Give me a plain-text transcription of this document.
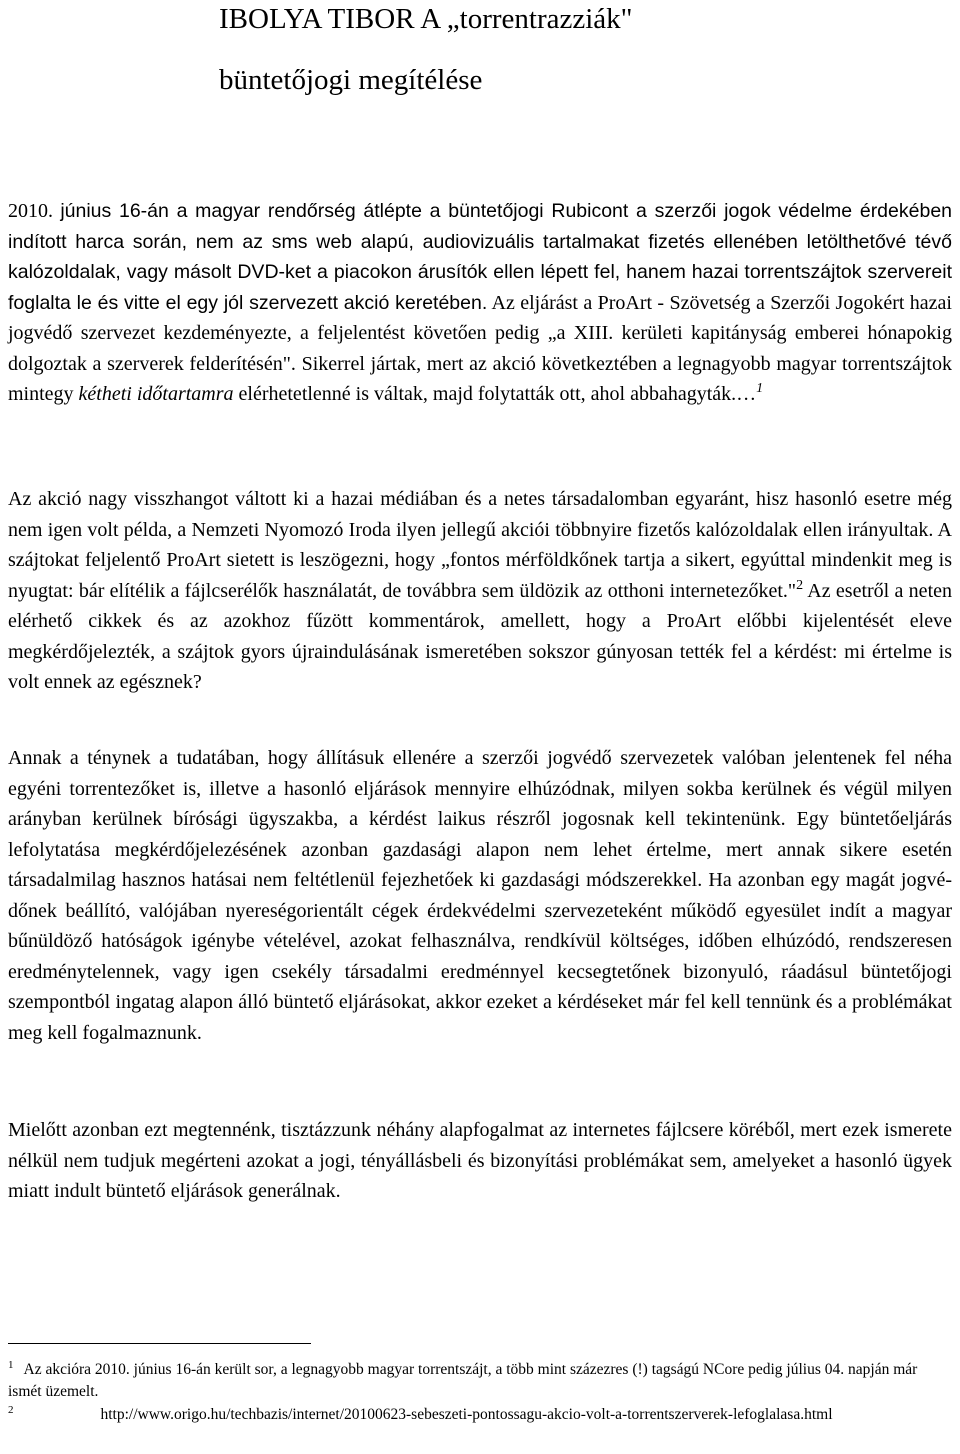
IBOLYA TIBOR A „torrentrazziák"
büntetőjogi megítélése

2010. június 16-án a magyar rendőrség átlépte a büntetőjogi Rubicont a szerzői jogok védelme érdekében indított harca során, nem az sms web alapú, audiovizuális tartalmakat fizetés ellenében letölthetővé tévő kalózoldalak, vagy másolt DVD-ket a piacokon árusítók ellen lépett fel, hanem hazai torrentszájtok szervereit foglalta le és vitte el egy jól szervezett akció keretében. Az eljárást a ProArt - Szövetség a Szerzői Jogokért hazai jogvédő szervezet kezdeményezte, a feljelentést követően pedig „a XIII. kerületi kapitányság emberei hónapokig dolgoztak a szerverek felderítésén". Sikerrel jártak, mert az akció következtében a legnagyobb magyar torrentszájtok mintegy kétheti időtartamra elérhetetlenné is váltak, majd folytatták ott, ahol abbahagyták.…$^1$

Az akció nagy visszhangot váltott ki a hazai médiában és a netes társadalomban egyaránt, hisz hasonló esetre még nem igen volt példa, a Nemzeti Nyomozó Iroda ilyen jellegű akciói többnyire fizetős kalózoldalak ellen irányultak. A szájtokat feljelentő ProArt sietett is leszögezni, hogy „fontos mérföldkőnek tartja a sikert, egyúttal mindenkit meg is nyugtat: bár elítélik a fájlcserélők használatát, de továbbra sem üldözik az otthoni internetezőket."$^2$ Az esetről a neten elérhető cikkek és az azokhoz fűzött kommentárok, amellett, hogy a ProArt előbbi kijelentését eleve megkérdőjelezték, a szájtok gyors újraindulásának ismeretében sokszor gúnyosan tették fel a kérdést: mi értelme is volt ennek az egésznek?

Annak a ténynek a tudatában, hogy állításuk ellenére a szerzői jogvédő szervezetek valóban jelentenek fel néha egyéni torrentezőket is, illetve a hasonló eljárások mennyire elhúzódnak, milyen sokba kerülnek és végül milyen arányban kerülnek bírósági ügyszakba, a kérdést laikus részről jogosnak kell tekintenünk. Egy büntetőeljárás lefolytatása megkérdőjelezésének azonban gazdasági alapon nem lehet értelme, mert annak sikere esetén társadalmilag hasznos hatásai nem feltétlenül fejezhetőek ki gazdasági módszerekkel. Ha azonban egy magát jogvédőnek beállító, valójában nyereségorientált cégek érdekvédelmi szervezeteként működő egyesület indít a magyar bűnüldöző hatóságok igénybe vételével, azokat felhasználva, rendkívül költséges, időben elhúzódó, rendszeresen eredménytelennek, vagy igen csekély társadalmi eredménnyel kecsegtetőnek bizonyuló, ráadásul büntetőjogi szempontból ingatag alapon álló büntető eljárásokat, akkor ezeket a kérdéseket már fel kell tennünk és a problémákat meg kell fogalmaznunk.

Mielőtt azonban ezt megtennénk, tisztázzunk néhány alapfogalmat az internetes fájlcsere köréből, mert ezek ismerete nélkül nem tudjuk megérteni azokat a jogi, tényállásbeli és bizonyítási problémákat sem, amelyeket a hasonló ügyek miatt indult büntető eljárások generálnak.

$^1$ Az akcióra 2010. június 16-án került sor, a legnagyobb magyar torrentszájt, a több mint százezres (!) tagságú NCore pedig július 04. napján már ismét üzemelt.

$^2$	http://www.origo.hu/techbazis/internet/20100623-sebeszeti-pontossagu-akcio-volt-a-torrentszerverek-lefoglalasa.html
